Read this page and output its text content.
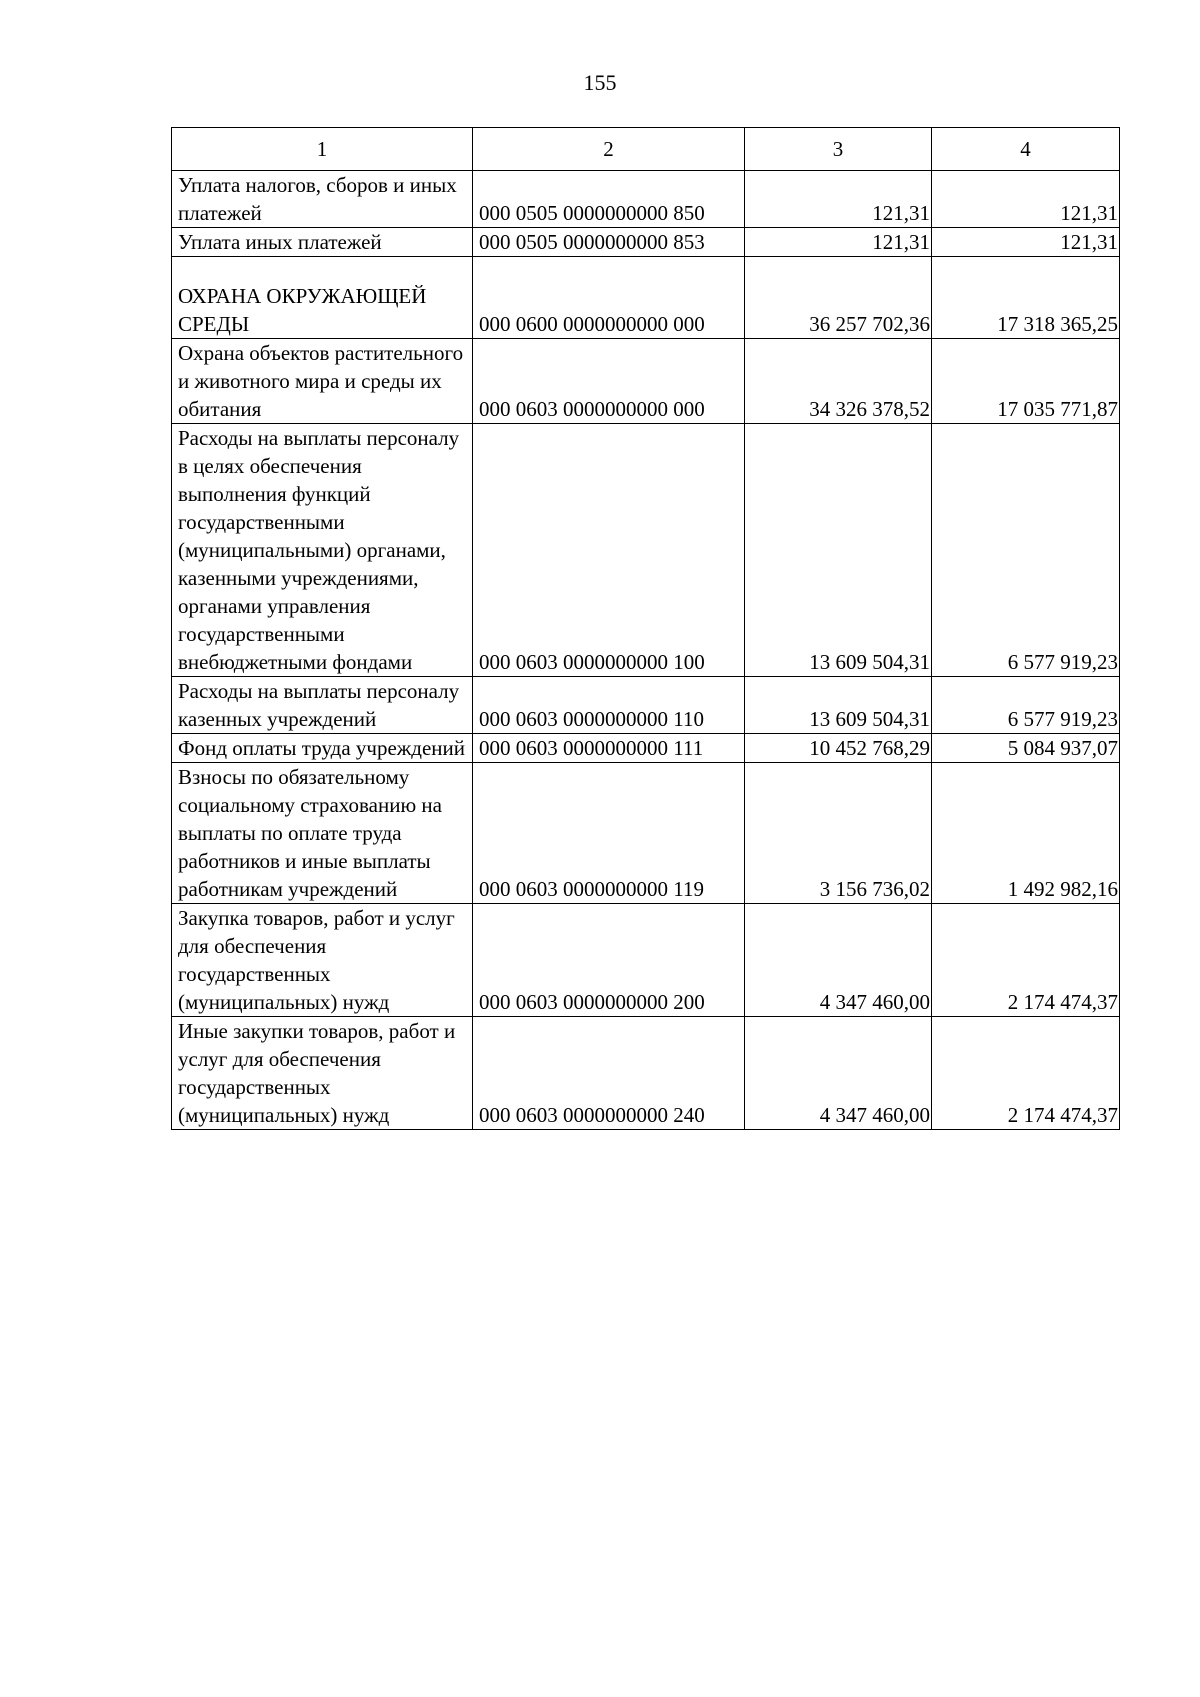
155
1	2	3	4
Уплата налогов, сборов и иных платежей	000 0505 0000000000 850	121,31	121,31
Уплата иных платежей	000 0505 0000000000 853	121,31	121,31
ОХРАНА ОКРУЖАЮЩЕЙ СРЕДЫ	000 0600 0000000000 000	36 257 702,36	17 318 365,25
Охрана объектов растительного и животного мира и среды их обитания	000 0603 0000000000 000	34 326 378,52	17 035 771,87
Расходы на выплаты персоналу в целях обеспечения выполнения функций государственными (муниципальными) органами, казенными учреждениями, органами управления государственными внебюджетными фондами	000 0603 0000000000 100	13 609 504,31	6 577 919,23
Расходы на выплаты персоналу казенных учреждений	000 0603 0000000000 110	13 609 504,31	6 577 919,23
Фонд оплаты труда учреждений	000 0603 0000000000 111	10 452 768,29	5 084 937,07
Взносы по обязательному социальному страхованию на выплаты по оплате труда работников и иные выплаты работникам учреждений	000 0603 0000000000 119	3 156 736,02	1 492 982,16
Закупка товаров, работ и услуг для обеспечения государственных (муниципальных) нужд	000 0603 0000000000 200	4 347 460,00	2 174 474,37
Иные закупки товаров, работ и услуг для обеспечения государственных (муниципальных) нужд	000 0603 0000000000 240	4 347 460,00	2 174 474,37
